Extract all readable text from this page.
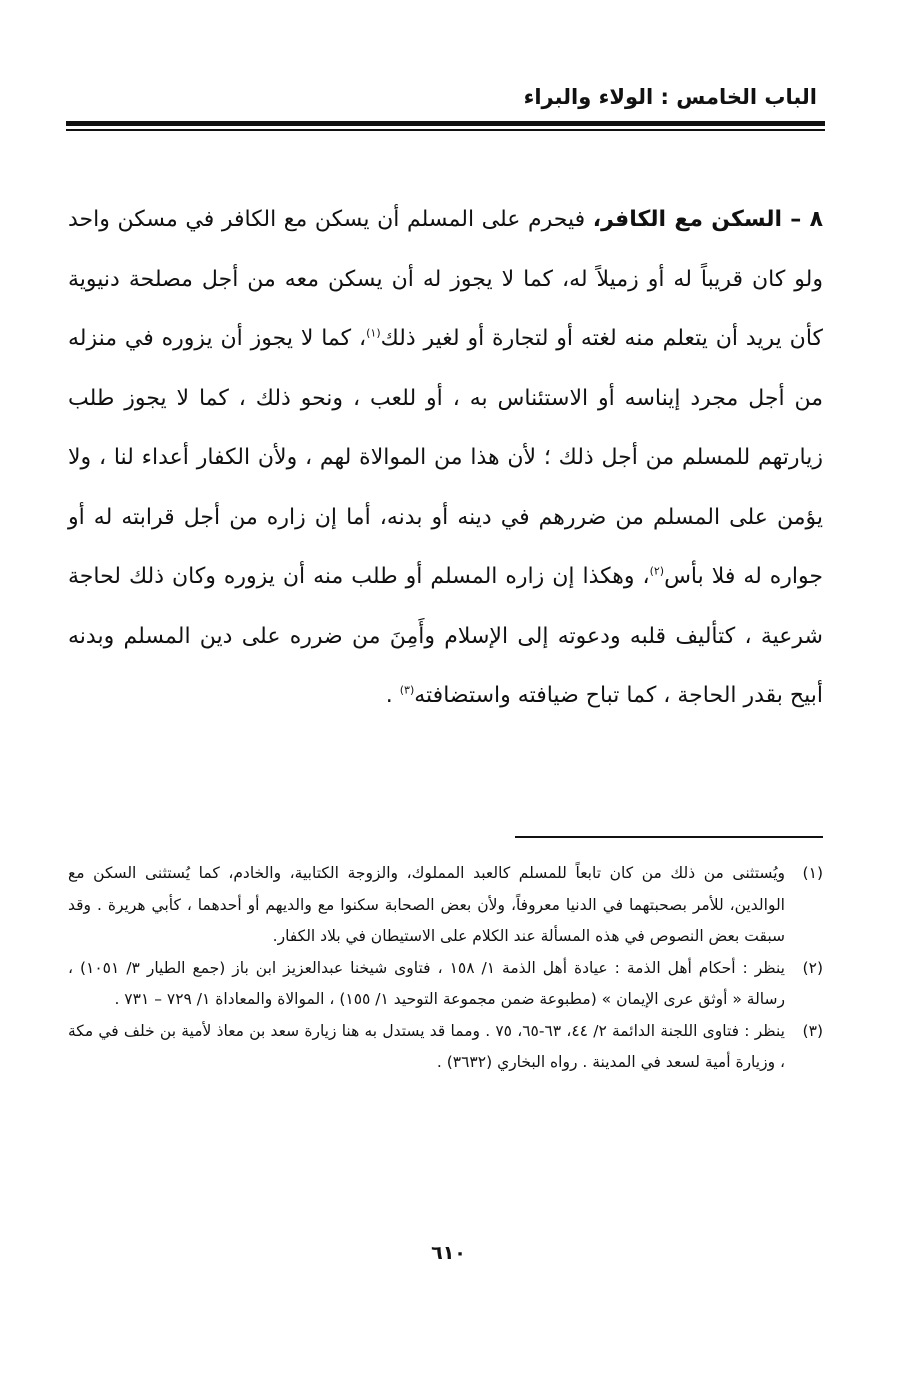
الباب الخامس : الولاء والبراء

٨ – السكن مع الكافر، فيحرم على المسلم أن يسكن مع الكافر في مسكن واحد ولو كان قريباً له أو زميلاً له، كما لا يجوز له أن يسكن معه من أجل مصلحة دنيوية كأن يريد أن يتعلم منه لغته أو لتجارة أو لغير ذلك$^{(١)}$، كما لا يجوز أن يزوره في منزله من أجل مجرد إيناسه أو الاستئناس به ، أو للعب ، ونحو ذلك ، كما لا يجوز طلب زيارتهم للمسلم من أجل ذلك ؛ لأن هذا من الموالاة لهم ، ولأن الكفار أعداء لنا ، ولا يؤمن على المسلم من ضررهم في دينه أو بدنه، أما إن زاره من أجل قرابته له أو جواره له فلا بأس$^{(٢)}$، وهكذا إن زاره المسلم أو طلب منه أن يزوره وكان ذلك لحاجة شرعية ، كتأليف قلبه ودعوته إلى الإسلام وأَمِنَ من ضرره على دين المسلم وبدنه أبيح بقدر الحاجة ، كما تباح ضيافته واستضافته$^{(٣)}$ .

(١)
ويُستثنى من ذلك من كان تابعاً للمسلم كالعبد المملوك، والزوجة الكتابية، والخادم، كما يُستثنى السكن مع الوالدين، للأمر بصحبتهما في الدنيا معروفاً، ولأن بعض الصحابة سكنوا مع والديهم أو أحدهما ، كأبي هريرة . وقد سبقت بعض النصوص في هذه المسألة عند الكلام على الاستيطان في بلاد الكفار.
(٢)
ينظر : أحكام أهل الذمة : عيادة أهل الذمة ١/ ١٥٨ ، فتاوى شيخنا عبدالعزيز ابن باز (جمع الطيار ٣/ ١٠٥١) ، رسالة « أوثق عرى الإيمان » (مطبوعة ضمن مجموعة التوحيد ١/ ١٥٥) ، الموالاة والمعاداة ١/ ٧٢٩ – ٧٣١ .
(٣)
ينظر : فتاوى اللجنة الدائمة ٢/ ٤٤، ٦٣-٦٥، ٧٥ . ومما قد يستدل به هنا زيارة سعد بن معاذ لأمية بن خلف في مكة ، وزيارة أمية لسعد في المدينة . رواه البخاري (٣٦٣٢) .
٦١٠
